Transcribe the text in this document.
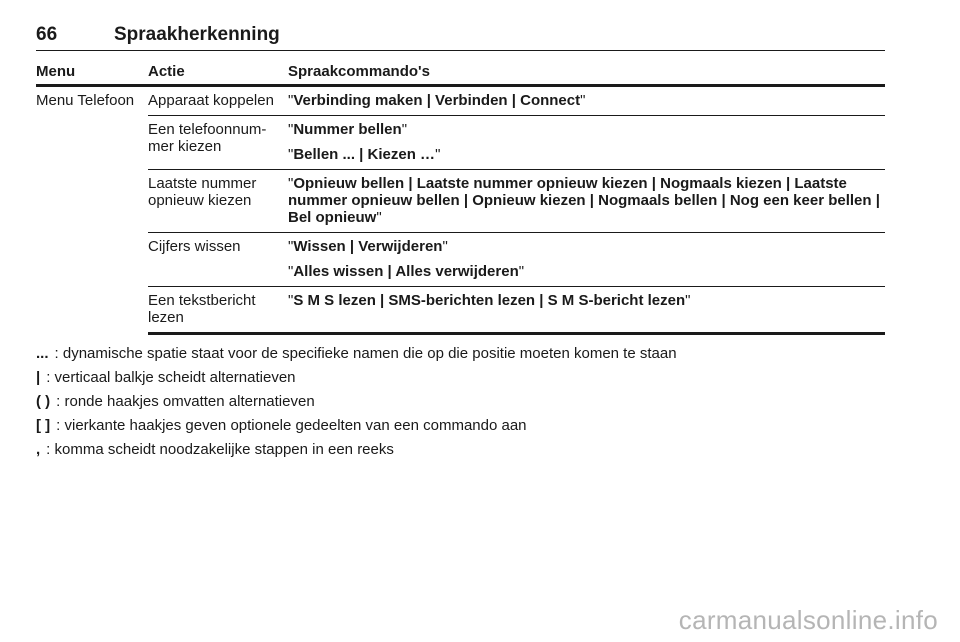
66	Spraakherkenning
Menu	Actie	Spraakcommando's
Menu Telefoon	Apparaat koppelen	"Verbinding maken | Verbinden | Connect"

	Een telefoonnum-mer kiezen	"Nummer bellen"
"Bellen ... | Kiezen …"

	Laatste nummer opnieuw kiezen	"Opnieuw bellen | Laatste nummer opnieuw kiezen | Nogmaals kiezen | Laatste nummer opnieuw bellen | Opnieuw kiezen | Nogmaals bellen | Nog een keer bellen | Bel opnieuw"

	Cijfers wissen	"Wissen | Verwijderen"
"Alles wissen | Alles verwijderen"

	Een tekstbericht lezen	"S M S lezen | SMS-berichten lezen | S M S-bericht lezen"
... : dynamische spatie staat voor de specifieke namen die op die positie moeten komen te staan
| : verticaal balkje scheidt alternatieven
( ) : ronde haakjes omvatten alternatieven
[ ] : vierkante haakjes geven optionele gedeelten van een commando aan
, : komma scheidt noodzakelijke stappen in een reeks
carmanualsonline.info
